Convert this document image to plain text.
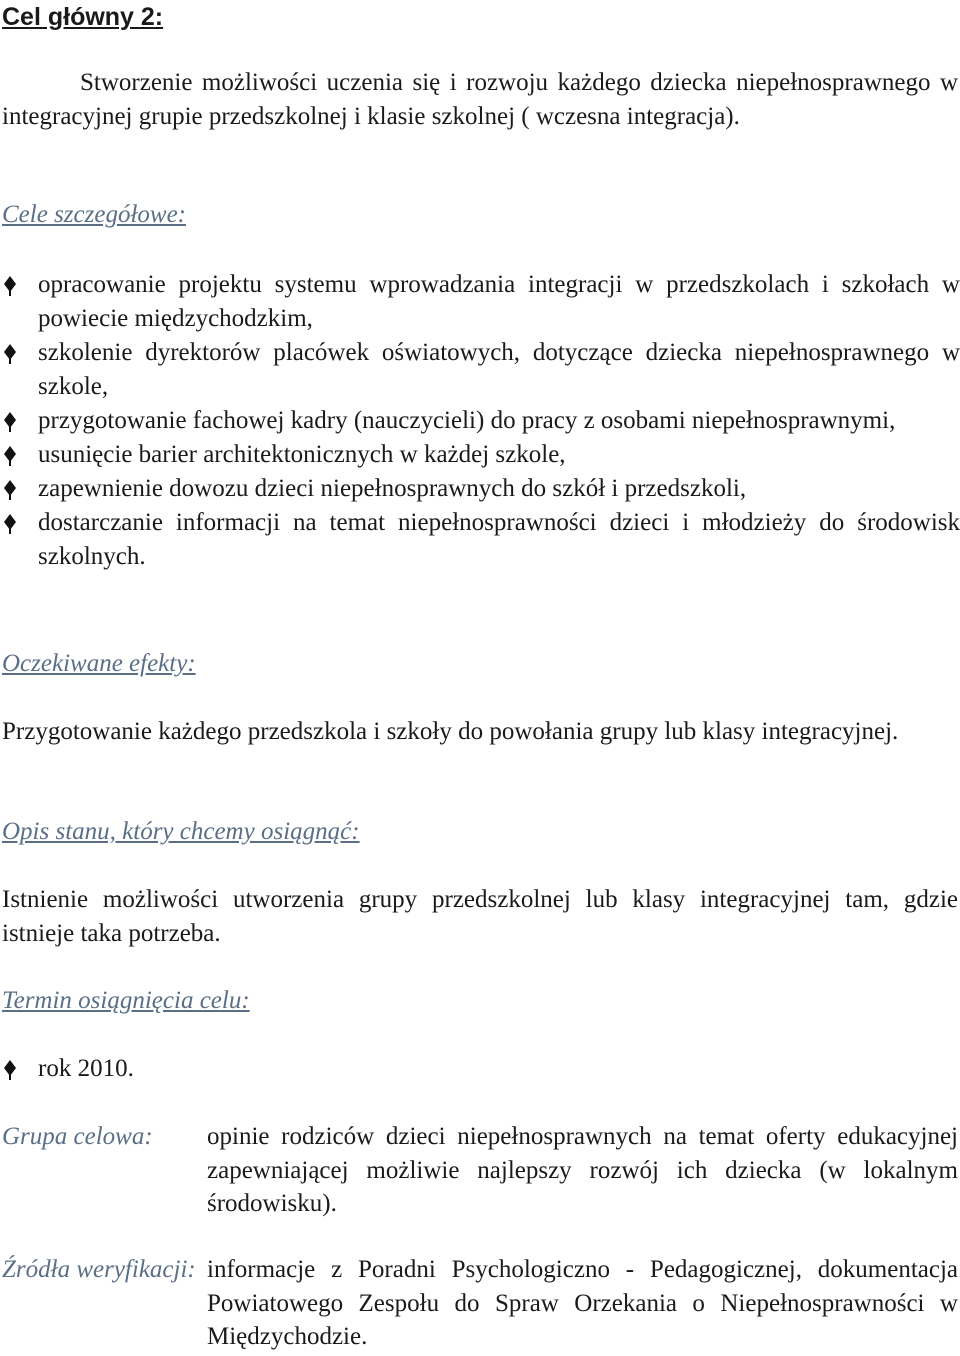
Cel główny 2:
Stworzenie możliwości uczenia się i rozwoju każdego dziecka niepełnosprawnego w integracyjnej grupie przedszkolnej i klasie szkolnej ( wczesna integracja).
Cele szczegółowe:
opracowanie projektu systemu wprowadzania integracji w przedszkolach i szkołach w powiecie międzychodzkim,
szkolenie dyrektorów placówek oświatowych, dotyczące dziecka niepełnosprawnego w szkole,
przygotowanie fachowej kadry (nauczycieli) do pracy z osobami niepełnosprawnymi,
usunięcie barier architektonicznych w każdej szkole,
zapewnienie dowozu dzieci niepełnosprawnych do szkół i przedszkoli,
dostarczanie informacji na temat niepełnosprawności dzieci i młodzieży do środowisk szkolnych.
Oczekiwane efekty:
Przygotowanie każdego przedszkola i szkoły do powołania grupy lub klasy integracyjnej.
Opis stanu, który chcemy osiągnąć:
Istnienie możliwości utworzenia grupy przedszkolnej lub klasy integracyjnej tam, gdzie istnieje taka potrzeba.
Termin osiągnięcia celu:
rok 2010.
Grupa celowa: opinie rodziców dzieci niepełnosprawnych na temat oferty edukacyjnej zapewniającej możliwie najlepszy rozwój ich dziecka (w lokalnym środowisku).
Źródła weryfikacji: informacje z Poradni Psychologiczno - Pedagogicznej, dokumentacja Powiatowego Zespołu do Spraw Orzekania o Niepełnosprawności w Międzychodzie.
